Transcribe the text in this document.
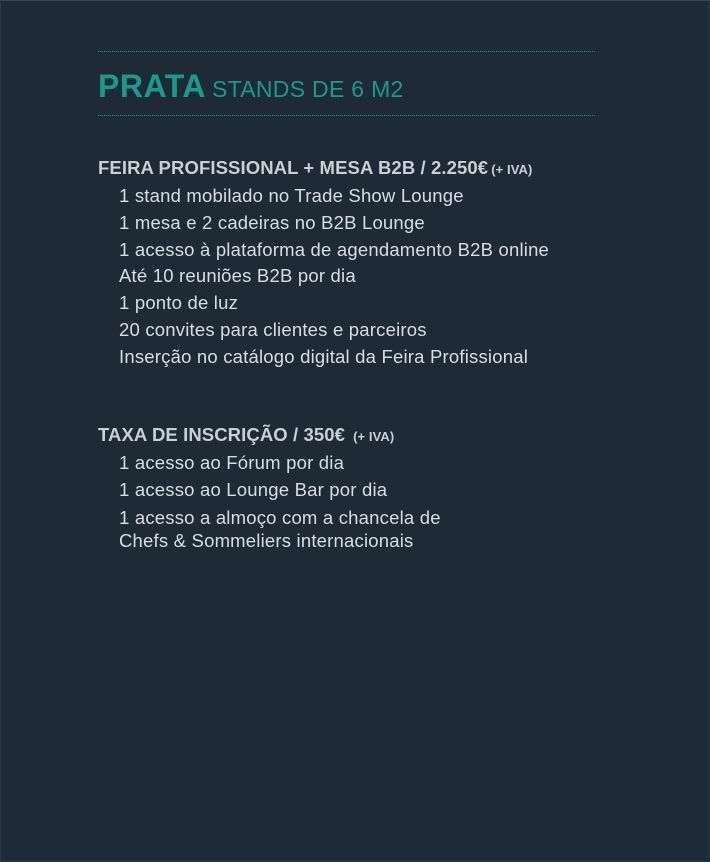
PRATA STANDS DE 6 M2
FEIRA PROFISSIONAL + MESA B2B / 2.250€ (+ IVA)
1 stand mobilado no Trade Show Lounge
1 mesa e 2 cadeiras no B2B Lounge
1 acesso à plataforma de agendamento B2B online
Até 10 reuniões B2B por dia
1 ponto de luz
20 convites para clientes e parceiros
Inserção no catálogo digital da Feira Profissional
TAXA DE INSCRIÇÃO / 350€ (+ IVA)
1 acesso ao Fórum por dia
1 acesso ao Lounge Bar por dia
1 acesso a almoço com a chancela de
Chefs & Sommeliers internacionais
